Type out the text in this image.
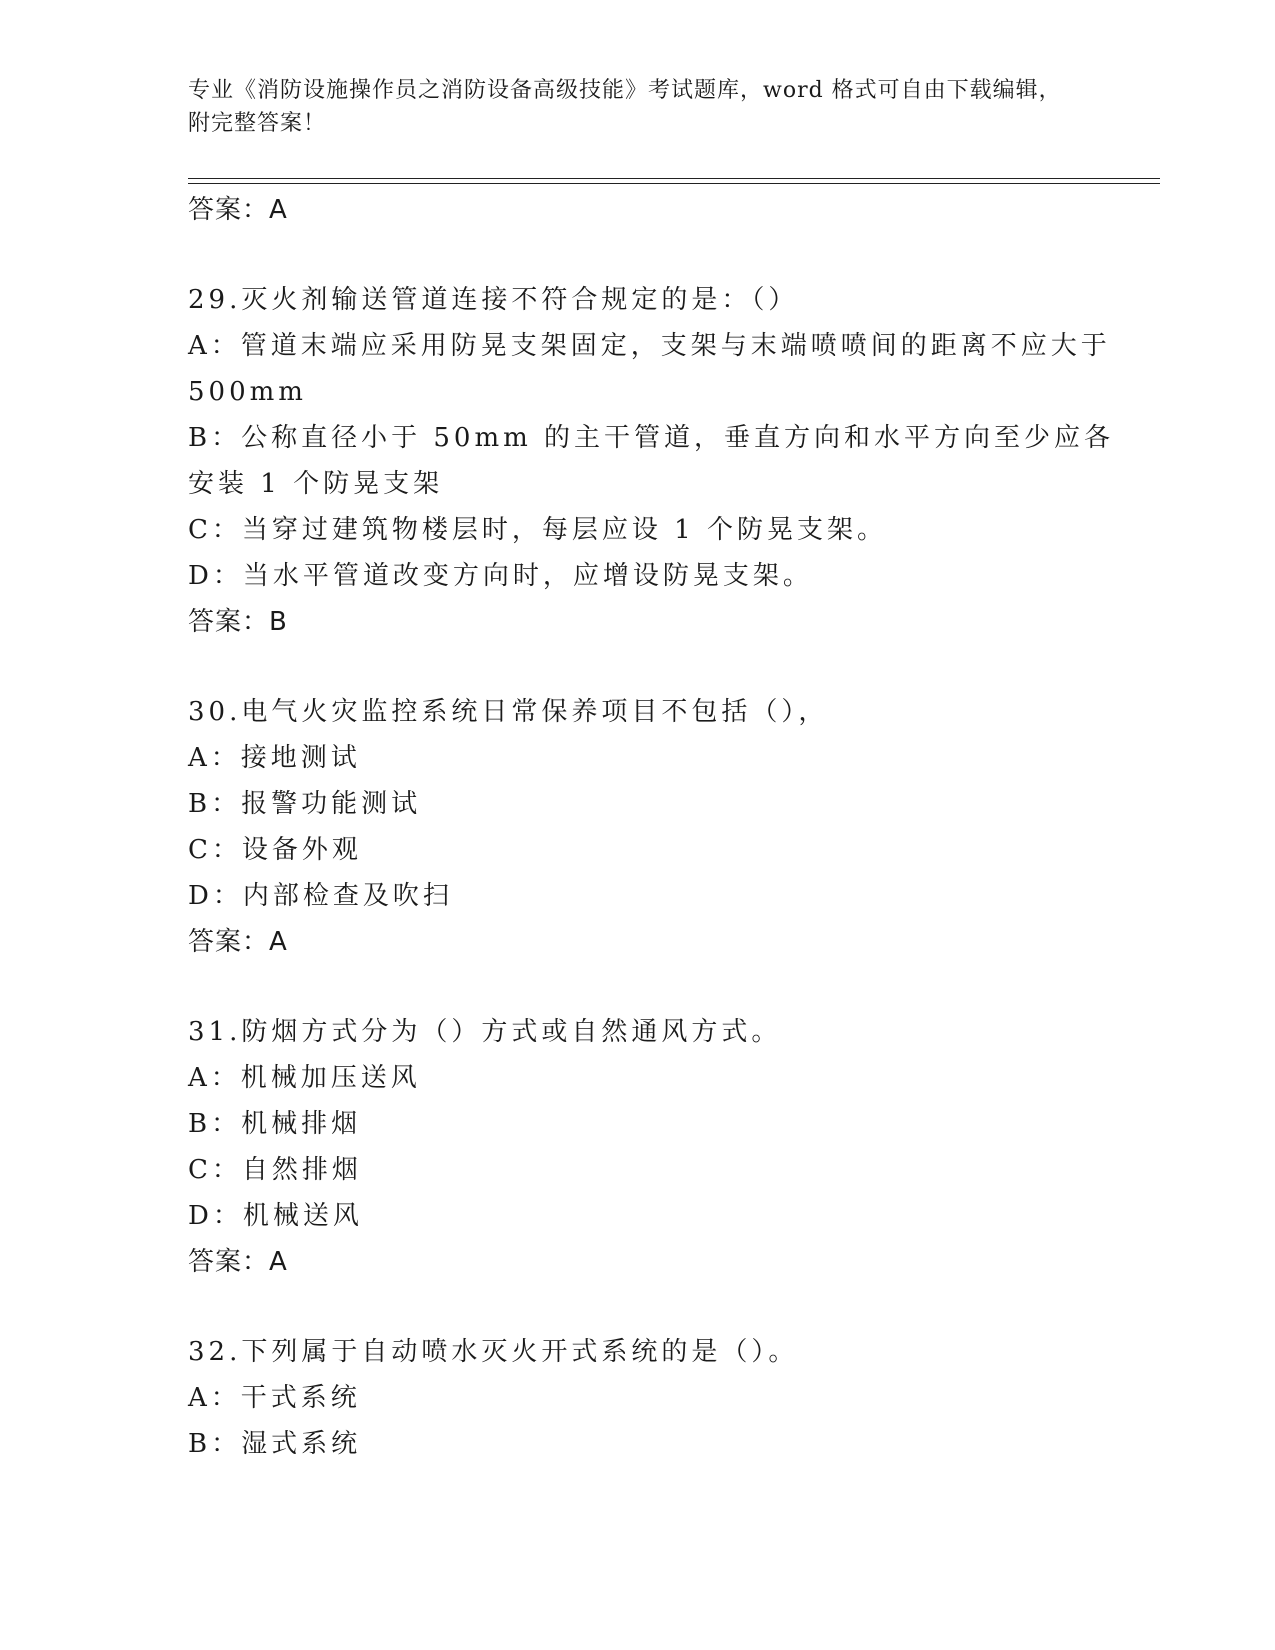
专业《消防设施操作员之消防设备高级技能》考试题库，word 格式可自由下载编辑，附完整答案！
答案：A
29.灭火剂输送管道连接不符合规定的是：（）
A：管道末端应采用防晃支架固定，支架与末端喷喷间的距离不应大于500mm
B：公称直径小于 50mm 的主干管道，垂直方向和水平方向至少应各安装 1 个防晃支架
C：当穿过建筑物楼层时，每层应设 1 个防晃支架。
D：当水平管道改变方向时，应增设防晃支架。
答案：B
30.电气火灾监控系统日常保养项目不包括（），
A：接地测试
B：报警功能测试
C：设备外观
D：内部检查及吹扫
答案：A
31.防烟方式分为（）方式或自然通风方式。
A：机械加压送风
B：机械排烟
C：自然排烟
D：机械送风
答案：A
32.下列属于自动喷水灭火开式系统的是（）。
A：干式系统
B：湿式系统
